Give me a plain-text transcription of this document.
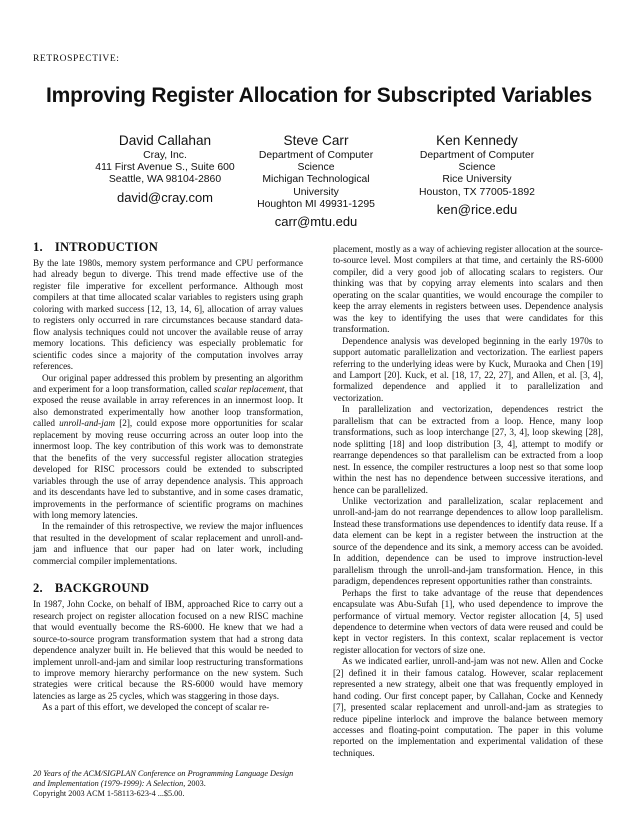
RETROSPECTIVE:
Improving Register Allocation for Subscripted Variables
David Callahan
Cray, Inc.
411 First Avenue S., Suite 600
Seattle, WA 98104-2860
david@cray.com
Steve Carr
Department of Computer
Science
Michigan Technological
University
Houghton MI 49931-1295
carr@mtu.edu
Ken Kennedy
Department of Computer
Science
Rice University
Houston, TX 77005-1892
ken@rice.edu
1. INTRODUCTION

By the late 1980s, memory system performance and CPU performance had already begun to diverge. This trend made effective use of the register file imperative for excellent performance. Although most compilers at that time allocated scalar variables to registers using graph coloring with marked success [12, 13, 14, 6], allocation of array values to registers only occurred in rare circumstances because standard data-flow analysis techniques could not uncover the available reuse of array memory locations. This deficiency was especially problematic for scientific codes since a majority of the computation involves array references.

Our original paper addressed this problem by presenting an algorithm and experiment for a loop transformation, called scalar replacement, that exposed the reuse available in array references in an innermost loop. It also demonstrated experimentally how another loop transformation, called unroll-and-jam [2], could expose more opportunities for scalar replacement by moving reuse occurring across an outer loop into the innermost loop. The key contribution of this work was to demonstrate that the benefits of the very successful register allocation strategies developed for RISC processors could be extended to subscripted variables through the use of array dependence analysis. This approach and its descendants have led to substantive, and in some cases dramatic, improvements in the performance of scientific programs on machines with long memory latencies.

In the remainder of this retrospective, we review the major influences that resulted in the development of scalar replacement and unroll-and-jam and influence that our paper had on later work, including commercial compiler implementations.

2. BACKGROUND

In 1987, John Cocke, on behalf of IBM, approached Rice to carry out a research project on register allocation focused on a new RISC machine that would eventually become the RS-6000. He knew that we had a source-to-source program transformation system that had a strong data dependence analyzer built in. He believed that this would be needed to implement unroll-and-jam and similar loop restructuring transformations to improve memory hierarchy performance on the new system. Such strategies were critical because the RS-6000 would have memory latencies as large as 25 cycles, which was staggering in those days.

As a part of this effort, we developed the concept of scalar re-

placement, mostly as a way of achieving register allocation at the source-to-source level. Most compilers at that time, and certainly the RS-6000 compiler, did a very good job of allocating scalars to registers. Our thinking was that by copying array elements into scalars and then operating on the scalar quantities, we would encourage the compiler to keep the array elements in registers between uses. Dependence analysis was the key to identifying the uses that were candidates for this transformation.

Dependence analysis was developed beginning in the early 1970s to support automatic parallelization and vectorization. The earliest papers referring to the underlying ideas were by Kuck, Muraoka and Chen [19] and Lamport [20]. Kuck, et al. [18, 17, 22, 27], and Allen, et al. [3, 4], formalized dependence and applied it to parallelization and vectorization.

In parallelization and vectorization, dependences restrict the parallelism that can be extracted from a loop. Hence, many loop transformations, such as loop interchange [27, 3, 4], loop skewing [28], node splitting [18] and loop distribution [3, 4], attempt to modify or rearrange dependences so that parallelism can be extracted from a loop nest. In essence, the compiler restructures a loop nest so that some loop within the nest has no dependence between successive iterations, and hence can be parallelized.

Unlike vectorization and parallelization, scalar replacement and unroll-and-jam do not rearrange dependences to allow loop parallelism. Instead these transformations use dependences to identify data reuse. If a data element can be kept in a register between the instruction at the source of the dependence and its sink, a memory access can be avoided. In addition, dependence can be used to improve instruction-level parallelism through the unroll-and-jam transformation. Hence, in this paradigm, dependences represent opportunities rather than constraints.

Perhaps the first to take advantage of the reuse that dependences encapsulate was Abu-Sufah [1], who used dependence to improve the performance of virtual memory. Vector register allocation [4, 5] used dependence to determine when vectors of data were reused and could be kept in vector registers. In this context, scalar replacement is vector register allocation for vectors of size one.

As we indicated earlier, unroll-and-jam was not new. Allen and Cocke [2] defined it in their famous catalog. However, scalar replacement represented a new strategy, albeit one that was frequently employed in hand coding. Our first concept paper, by Callahan, Cocke and Kennedy [7], presented scalar replacement and unroll-and-jam as strategies to reduce pipeline interlock and improve the balance between memory accesses and floating-point computation. The paper in this volume reported on the implementation and experimental validation of these techniques.

20 Years of the ACM/SIGPLAN Conference on Programming Language Design and Implementation (1979-1999): A Selection, 2003.
Copyright 2003 ACM 1-58113-623-4 ...$5.00.
